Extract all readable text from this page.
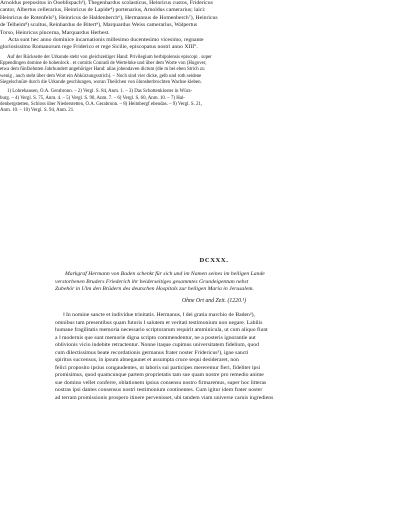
Arnoldus prepositus in Ooeblispach³), Thegenhardus scolasticus, Heinricus custos, Fridericus

cantor, Albertus cellerarius, Heinricus de Lapide⁴) portenarius, Arnoldus camerarius; laici:

Heinricus de Rotenfels⁵), Heinricus de Haldenberch⁶), Hermannus de Homenberch⁷), Heinricus

de Telheim⁸) scultus, Reinhardus de Bitert⁹), Marquardus Weiss camerarius, Walpertus

Torso, Heinricus pincerna, Marquardus Herbest.

Acta sunt hec anno dominice incarnationis millesimo ducentesimo vicesimo, regnante

gloriosissimo Romanorum rege Friderico et rege Sicilie, episcopatus nostri anno XIII°.

Auf der Rückseite der Urkunde steht von gleichzeitiger Hand: Privilegium herbipolensis episcopi . super

Eppendingen domine de hohenlock . et comitis Conradi de Wertelnke und über dem Worte von (Hugover,

etwa dem fünfzehnten Jahrhundert angehöriger Hand: alias johendaven dictum (die m bei eben Strich zu

wenig , auch steht über dem Wort ein Abkürzungsstrich). – Noch sind vier dicke, gelb und roth seidene

Siegelschnüre durch die Urkunde geschlungen, woran Theilchen von ölunsberbrochten Wachse kleben.

1) Lohrehausen, O.A. Gerabronn. – 2) Vergl. S. 84, Anm. 1. – 3) Das Schottenkloster in Würz-

burg. – 4) Vergl. S. 75, Anm. 4. – 5) Vergl. S. 90, Anm. 7. – 6) Vergl. S. 60, Anm. 10. – 7) Hal-

denbergstetten, Schloss über Niederstetten, O.A. Gerabronn. – 8) Heimbergf ebendas. – 9) Vergl. S. 21,

Anm. 10. – 10) Vergl. S. 94, Anm. 21.

DCXXX.

Markgraf Hermann von Baden schenkt für sich und im Namen seines im heiligen Lande

verstorbenen Bruders Friederich ihr beiderseitiges gesammtes Grundeigentum nebst

Zubehör in Ulm den Brüdern des deutschen Hospitals zur heiligen Maria in Jerusalem.

Ohne Ort und Zeit. (1220.¹)

‖ In nomine sancte et individue trinitatis. Hermanus, ‖ dei gratia marchio de Baden²),

omnibus tam presentibus quam futuris ‖ salutem et veritati testimonium non negare. Labilis

humane fragilitatis memoria necessario scriptorarum requirit amminicula, ut cum aliquo fiunt

a ‖ modernis que sunt memorie digna scripto commendentur, ne a posteris ignorantie aut

oblivionis vicio indebite retractentur. Nonne itaque cupimus universitatem fidelium, quod

cum dilectissimus beate recordationis germanus frater noster Fridericus³), igne sancti

spiritus succensus, in ipsum abnegaunet et assumpta cruce sequi desideraret, non

felici proposito ipsius congaudentes, ut laboris sui participes mereremur fieri, fideliter ipsi

promisimus, quod quamcunque partem proprietatis tam sue quam nostre pro remedio anime

sue domino vellet conferre, oblationem ipsius consensu nostro firmaremus, super hoc litteras

nostras ipsi dantes consensus nostri testimonium continentes. Cum igitur idem frater noster

ad terram promissionis prospero itinere pervenisset, ubi tandem viam universe carnis ingrediens
